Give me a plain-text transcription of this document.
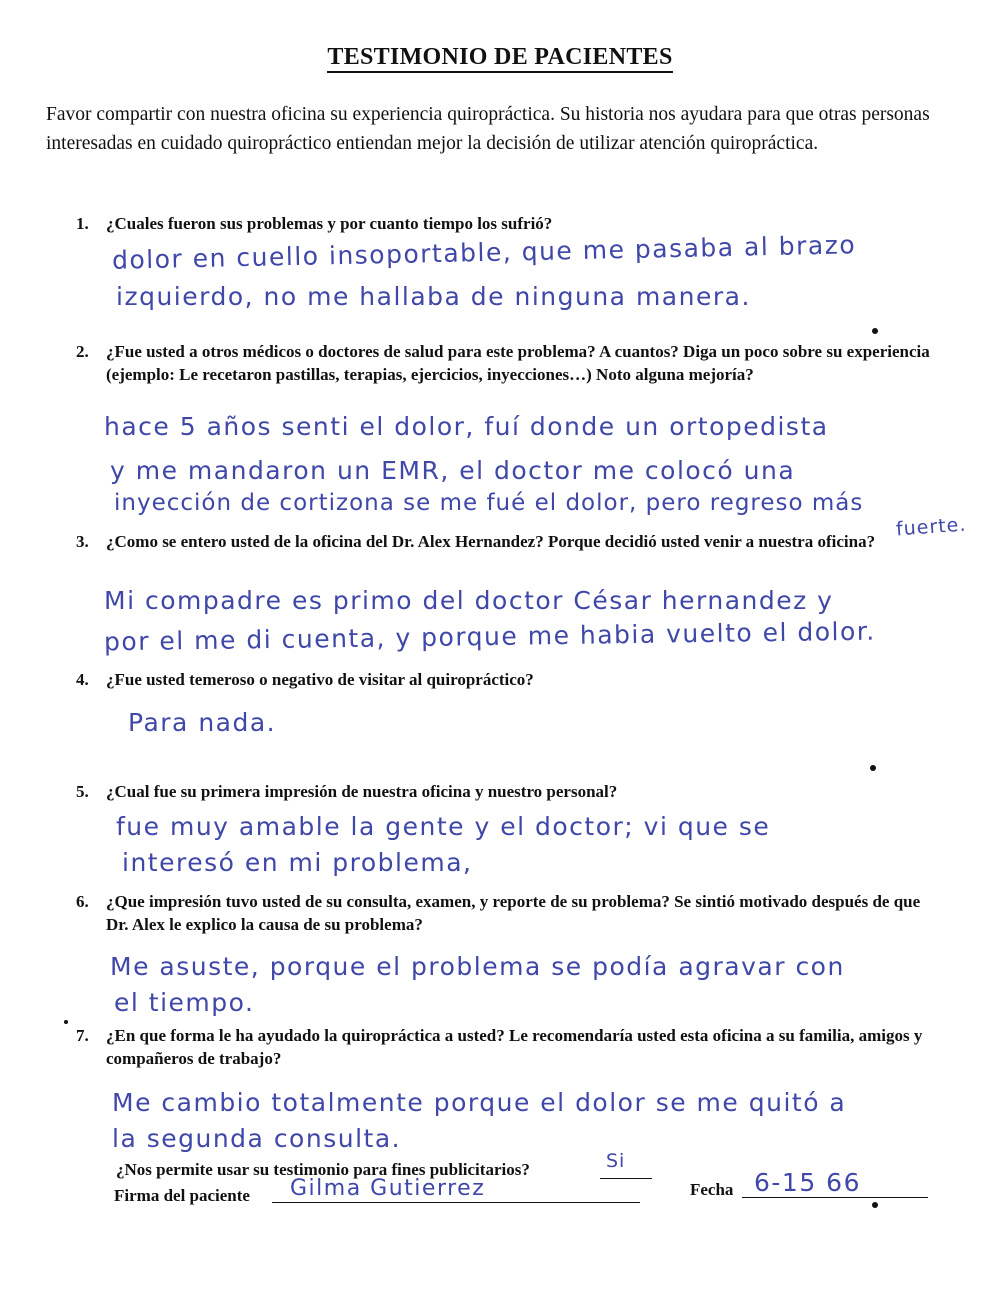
TESTIMONIO DE PACIENTES
Favor compartir con nuestra oficina su experiencia quiropráctica. Su historia nos ayudara para que otras personas interesadas en cuidado quiropráctico entiendan mejor la decisión de utilizar atención quiropráctica.
1.	¿Cuales fueron sus problemas y por cuanto tiempo los sufrió?
dolor en cuello insoportable, que me pasaba al brazo
izquierdo, no me hallaba de ninguna manera.
2.	¿Fue usted a otros médicos o doctores de salud para este problema? A cuantos? Diga un poco sobre su experiencia (ejemplo: Le recetaron pastillas, terapias, ejercicios, inyecciones…) Noto alguna mejoría?
hace 5 años senti el dolor, fuí donde un ortopedista
y me mandaron un EMR, el doctor me colocó una
inyección de cortizona se me fué el dolor, pero regreso más
fuerte.
3.	¿Como se entero usted de la oficina del Dr. Alex Hernandez? Porque decidió usted venir a nuestra oficina?
Mi compadre es primo del doctor César hernandez y
por el me di cuenta, y porque me habia vuelto el dolor.
4.	¿Fue usted temeroso o negativo de visitar al quiropráctico?
Para nada.
5.	¿Cual fue su primera impresión de nuestra oficina y nuestro personal?
fue muy amable la gente y el doctor; vi que se
interesó en mi problema,
6.	¿Que impresión tuvo usted de su consulta, examen, y reporte de su problema? Se sintió motivado después de que Dr. Alex le explico la causa de su problema?
Me asuste, porque el problema se podía agravar con
el tiempo.
7.	¿En que forma le ha ayudado la quiropráctica a usted? Le recomendaría usted esta oficina a su familia, amigos y compañeros de trabajo?
Me cambio totalmente porque el dolor se me quitó a
la segunda consulta.
¿Nos permite usar su testimonio para fines publicitarios?	Si
Firma del paciente Gilma Gutierrez	Fecha 6-15 66
